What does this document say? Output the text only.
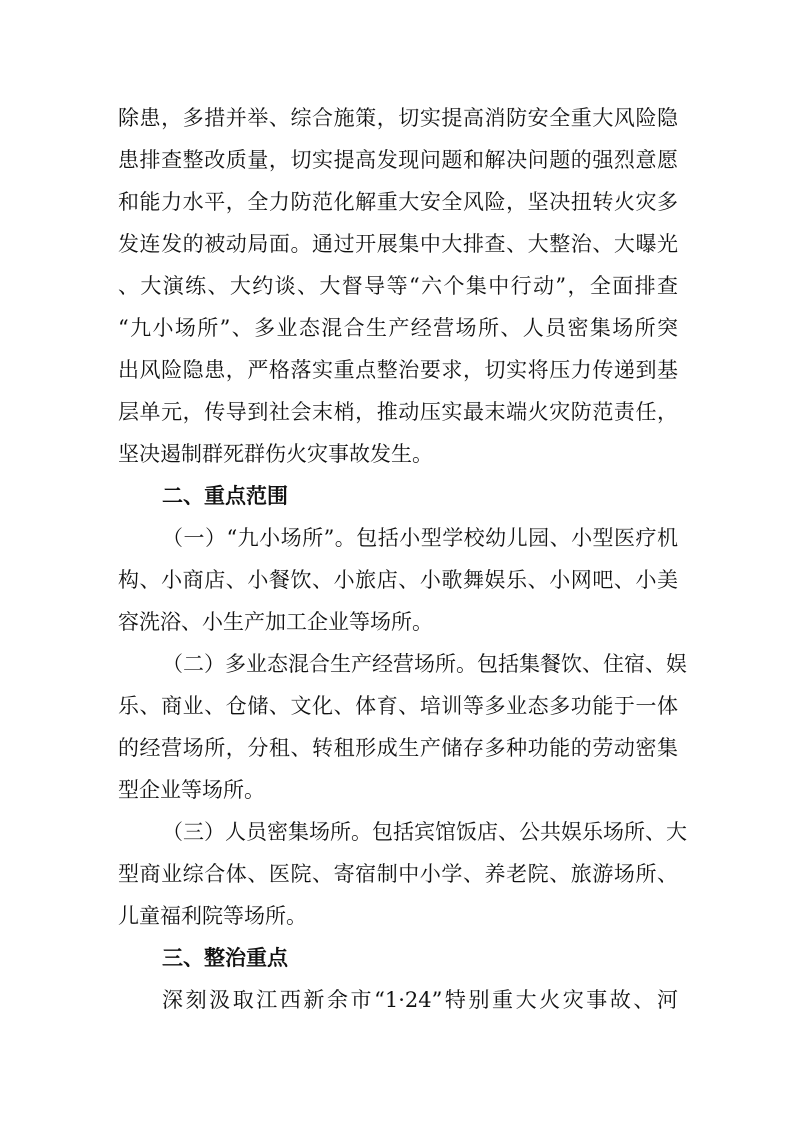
除患，多措并举、综合施策，切实提高消防安全重大风险隐
患排查整改质量，切实提高发现问题和解决问题的强烈意愿
和能力水平，全力防范化解重大安全风险，坚决扭转火灾多
发连发的被动局面。通过开展集中大排查、大整治、大曝光
、大演练、大约谈、大督导等“六个集中行动”，全面排查
“九小场所”、多业态混合生产经营场所、人员密集场所突
出风险隐患，严格落实重点整治要求，切实将压力传递到基
层单元，传导到社会末梢，推动压实最末端火灾防范责任，
坚决遏制群死群伤火灾事故发生。
二、重点范围
（一）“九小场所”。包括小型学校幼儿园、小型医疗机
构、小商店、小餐饮、小旅店、小歌舞娱乐、小网吧、小美
容洗浴、小生产加工企业等场所。
（二）多业态混合生产经营场所。包括集餐饮、住宿、娱
乐、商业、仓储、文化、体育、培训等多业态多功能于一体
的经营场所，分租、转租形成生产储存多种功能的劳动密集
型企业等场所。
（三）人员密集场所。包括宾馆饭店、公共娱乐场所、大
型商业综合体、医院、寄宿制中小学、养老院、旅游场所、
儿童福利院等场所。
三、整治重点
深刻汲取江西新余市“1·24”特别重大火灾事故、河
